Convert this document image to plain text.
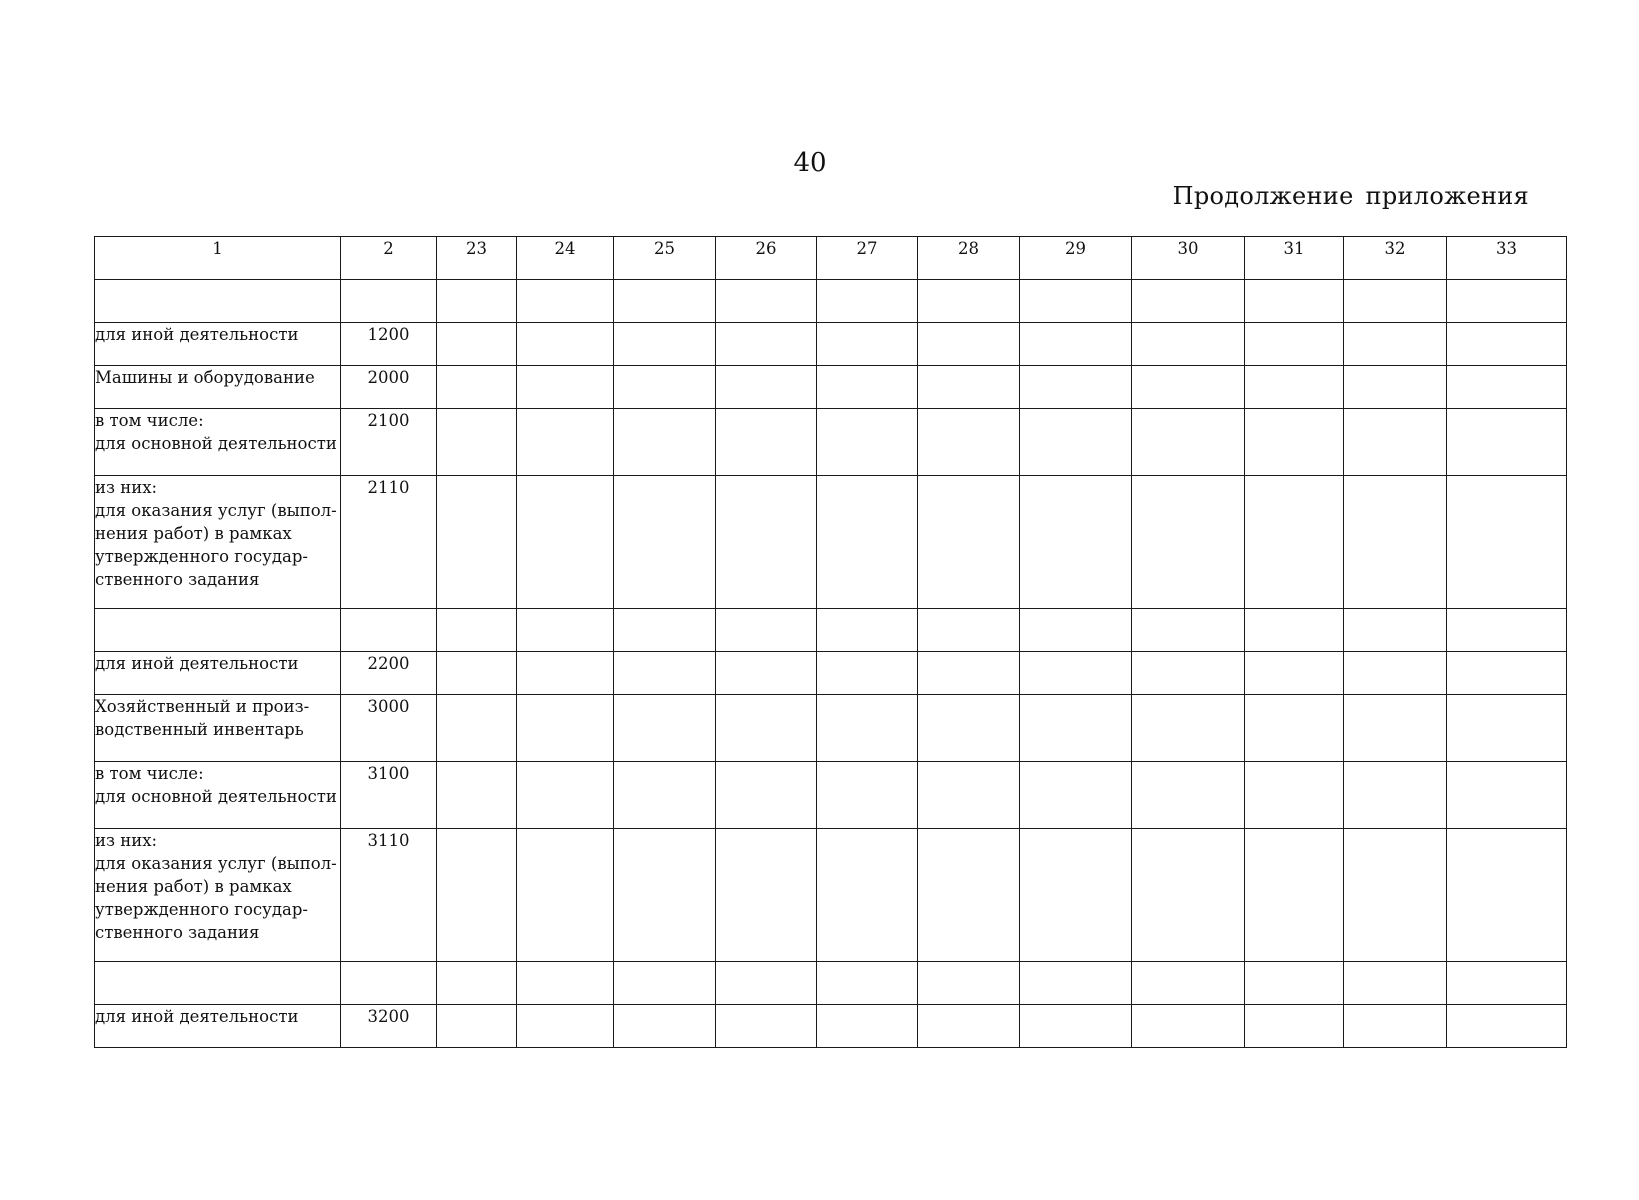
40
Продолжение приложения
1	2	23	24	25	26	27	28	29	30	31	32	33

для иной деятельности	1200											

Машины и оборудование	2000											

в том числе:
для основной деятельности	2100											

из них:
для оказания услуг (выпол-
нения работ) в рамках
утвержденного государ-
ственного задания	2110											

для иной деятельности	2200											

Хозяйственный и произ-
водственный инвентарь	3000											

в том числе:
для основной деятельности	3100											

из них:
для оказания услуг (выпол-
нения работ) в рамках
утвержденного государ-
ственного задания	3110											

для иной деятельности	3200											
